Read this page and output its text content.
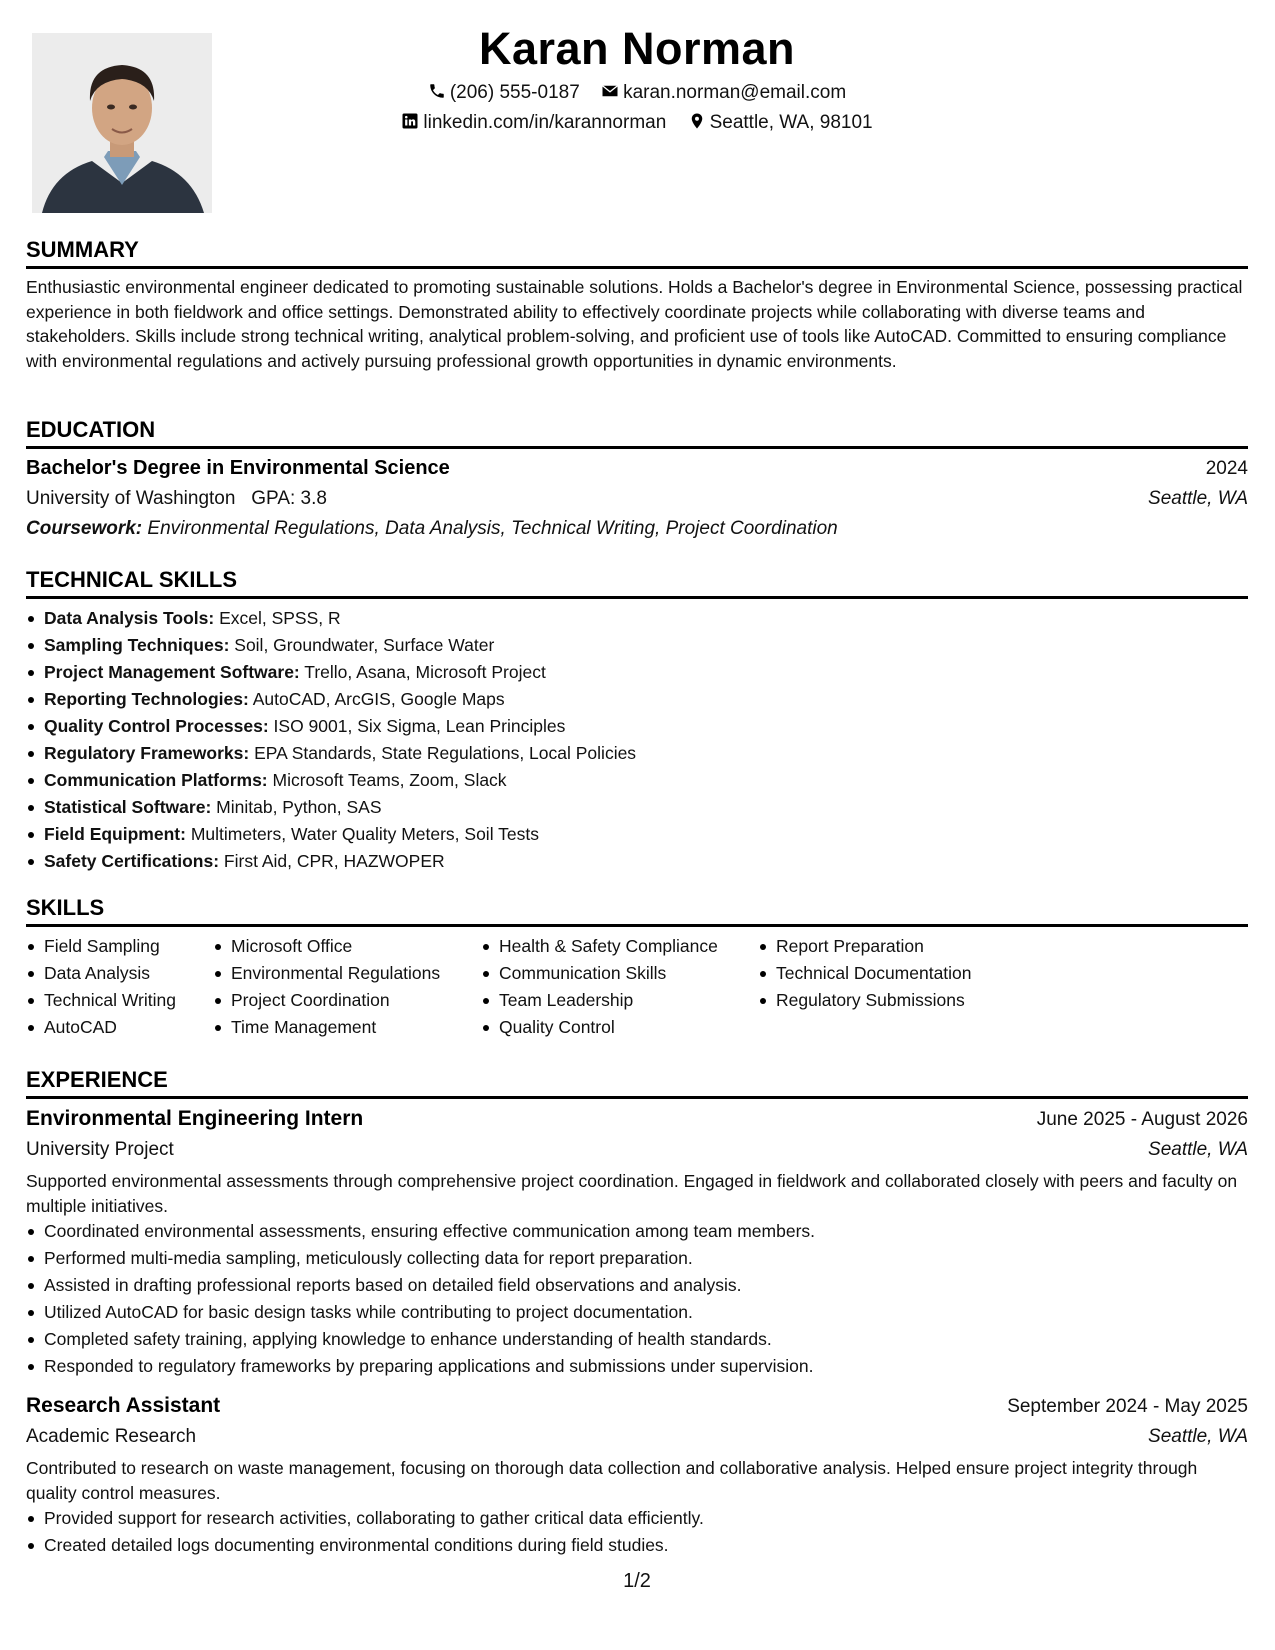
Karan Norman
(206) 555-0187 karan.norman@email.com
linkedin.com/in/karannorman Seattle, WA, 98101
SUMMARY
Enthusiastic environmental engineer dedicated to promoting sustainable solutions. Holds a Bachelor's degree in Environmental Science, possessing practical experience in both fieldwork and office settings. Demonstrated ability to effectively coordinate projects while collaborating with diverse teams and stakeholders. Skills include strong technical writing, analytical problem-solving, and proficient use of tools like AutoCAD. Committed to ensuring compliance with environmental regulations and actively pursuing professional growth opportunities in dynamic environments.
EDUCATION
Bachelor's Degree in Environmental Science	2024
University of Washington GPA: 3.8	Seattle, WA
Coursework: Environmental Regulations, Data Analysis, Technical Writing, Project Coordination
TECHNICAL SKILLS
Data Analysis Tools: Excel, SPSS, R
Sampling Techniques: Soil, Groundwater, Surface Water
Project Management Software: Trello, Asana, Microsoft Project
Reporting Technologies: AutoCAD, ArcGIS, Google Maps
Quality Control Processes: ISO 9001, Six Sigma, Lean Principles
Regulatory Frameworks: EPA Standards, State Regulations, Local Policies
Communication Platforms: Microsoft Teams, Zoom, Slack
Statistical Software: Minitab, Python, SAS
Field Equipment: Multimeters, Water Quality Meters, Soil Tests
Safety Certifications: First Aid, CPR, HAZWOPER
SKILLS
Field Sampling
Data Analysis
Technical Writing
AutoCAD
Microsoft Office
Environmental Regulations
Project Coordination
Time Management
Health & Safety Compliance
Communication Skills
Team Leadership
Quality Control
Report Preparation
Technical Documentation
Regulatory Submissions
EXPERIENCE
Environmental Engineering Intern	June 2025 - August 2026
University Project	Seattle, WA
Supported environmental assessments through comprehensive project coordination. Engaged in fieldwork and collaborated closely with peers and faculty on multiple initiatives.
Coordinated environmental assessments, ensuring effective communication among team members.
Performed multi-media sampling, meticulously collecting data for report preparation.
Assisted in drafting professional reports based on detailed field observations and analysis.
Utilized AutoCAD for basic design tasks while contributing to project documentation.
Completed safety training, applying knowledge to enhance understanding of health standards.
Responded to regulatory frameworks by preparing applications and submissions under supervision.
Research Assistant	September 2024 - May 2025
Academic Research	Seattle, WA
Contributed to research on waste management, focusing on thorough data collection and collaborative analysis. Helped ensure project integrity through quality control measures.
Provided support for research activities, collaborating to gather critical data efficiently.
Created detailed logs documenting environmental conditions during field studies.
1/2
